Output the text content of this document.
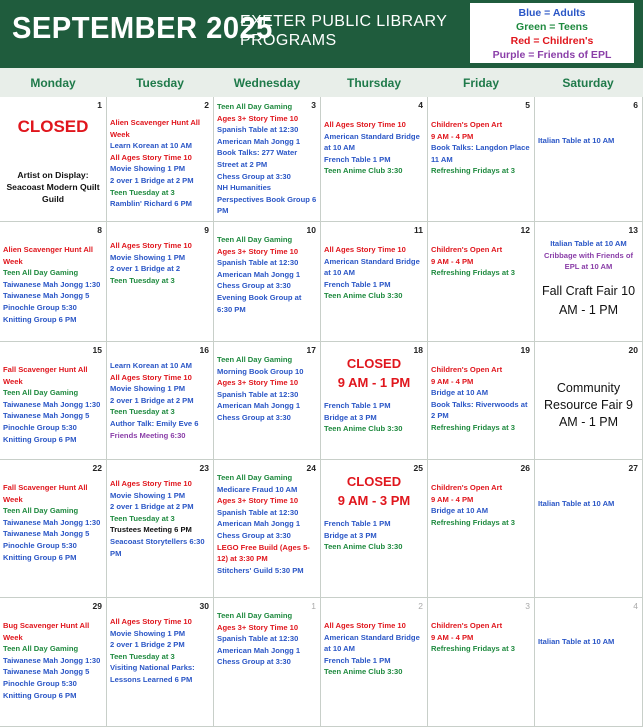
SEPTEMBER 2025
EXETER PUBLIC LIBRARY
PROGRAMS
Blue = Adults
Green = Teens
Red = Children's
Purple = Friends of EPL
Monday	Tuesday	Wednesday	Thursday	Friday	Saturday
1
CLOSED
Artist on Display: Seacoast Modern Quilt Guild
2
Alien Scavenger Hunt All Week
Learn Korean at 10 AM
All Ages Story Time 10
Movie Showing 1 PM
2 over 1 Bridge at 2 PM
Teen Tuesday at 3
Ramblin' Richard 6 PM
3
Teen All Day Gaming
Ages 3+ Story Time 10
Spanish Table at 12:30
American Mah Jongg 1
Book Talks: 277 Water Street at 2 PM
Chess Group at 3:30
NH Humanities Perspectives Book Group 6 PM
4
All Ages Story Time 10
American Standard Bridge at 10 AM
French Table 1 PM
Teen Anime Club 3:30
5
Children's Open Art
9 AM - 4 PM
Book Talks: Langdon Place 11 AM
Refreshing Fridays at 3
6
Italian Table at 10 AM
8
Alien Scavenger Hunt All Week
Teen All Day Gaming
Taiwanese Mah Jongg 1:30
Taiwanese Mah Jongg 5
Pinochle Group 5:30
Knitting Group 6 PM
9
All Ages Story Time 10
Movie Showing 1 PM
2 over 1 Bridge at 2
Teen Tuesday at 3
10
Teen All Day Gaming
Ages 3+ Story Time 10
Spanish Table at 12:30
American Mah Jongg 1
Chess Group at 3:30
Evening Book Group at 6:30 PM
11
All Ages Story Time 10
American Standard Bridge at 10 AM
French Table 1 PM
Teen Anime Club 3:30
12
Children's Open Art
9 AM - 4 PM
Refreshing Fridays at 3
13
Italian Table at 10 AM
Cribbage with Friends of EPL at 10 AM
Fall Craft Fair 10 AM - 1 PM
15
Fall Scavenger Hunt All Week
Teen All Day Gaming
Taiwanese Mah Jongg 1:30
Taiwanese Mah Jongg 5
Pinochle Group 5:30
Knitting Group 6 PM
16
Learn Korean at 10 AM
All Ages Story Time 10
Movie Showing 1 PM
2 over 1 Bridge at 2 PM
Teen Tuesday at 3
Author Talk: Emily Eve 6
Friends Meeting 6:30
17
Teen All Day Gaming
Morning Book Group 10
Ages 3+ Story Time 10
Spanish Table at 12:30
American Mah Jongg 1
Chess Group at 3:30
18
CLOSED
9 AM - 1 PM
French Table 1 PM
Bridge at 3 PM
Teen Anime Club 3:30
19
Children's Open Art
9 AM - 4 PM
Bridge at 10 AM
Book Talks: Riverwoods at 2 PM
Refreshing Fridays at 3
20
Community Resource Fair 9 AM - 1 PM
22
Fall Scavenger Hunt All Week
Teen All Day Gaming
Taiwanese Mah Jongg 1:30
Taiwanese Mah Jongg 5
Pinochle Group 5:30
Knitting Group 6 PM
23
All Ages Story Time 10
Movie Showing 1 PM
2 over 1 Bridge at 2 PM
Teen Tuesday at 3
Trustees Meeting 6 PM
Seacoast Storytellers 6:30 PM
24
Teen All Day Gaming
Medicare Fraud 10 AM
Ages 3+ Story Time 10
Spanish Table at 12:30
American Mah Jongg 1
Chess Group at 3:30
LEGO Free Build (Ages 5-12) at 3:30 PM
Stitchers' Guild 5:30 PM
25
CLOSED
9 AM - 3 PM
French Table 1 PM
Bridge at 3 PM
Teen Anime Club 3:30
26
Children's Open Art
9 AM - 4 PM
Bridge at 10 AM
Refreshing Fridays at 3
27
Italian Table at 10 AM
29
Bug Scavenger Hunt All Week
Teen All Day Gaming
Taiwanese Mah Jongg 1:30
Taiwanese Mah Jongg 5
Pinochle Group 5:30
Knitting Group 6 PM
30
All Ages Story Time 10
Movie Showing 1 PM
2 over 1 Bridge 2 PM
Teen Tuesday at 3
Visiting National Parks: Lessons Learned 6 PM
1
Teen All Day Gaming
Ages 3+ Story Time 10
Spanish Table at 12:30
American Mah Jongg 1
Chess Group at 3:30
2
All Ages Story Time 10
American Standard Bridge at 10 AM
French Table 1 PM
Teen Anime Club 3:30
3
Children's Open Art
9 AM - 4 PM
Refreshing Fridays at 3
4
Italian Table at 10 AM
